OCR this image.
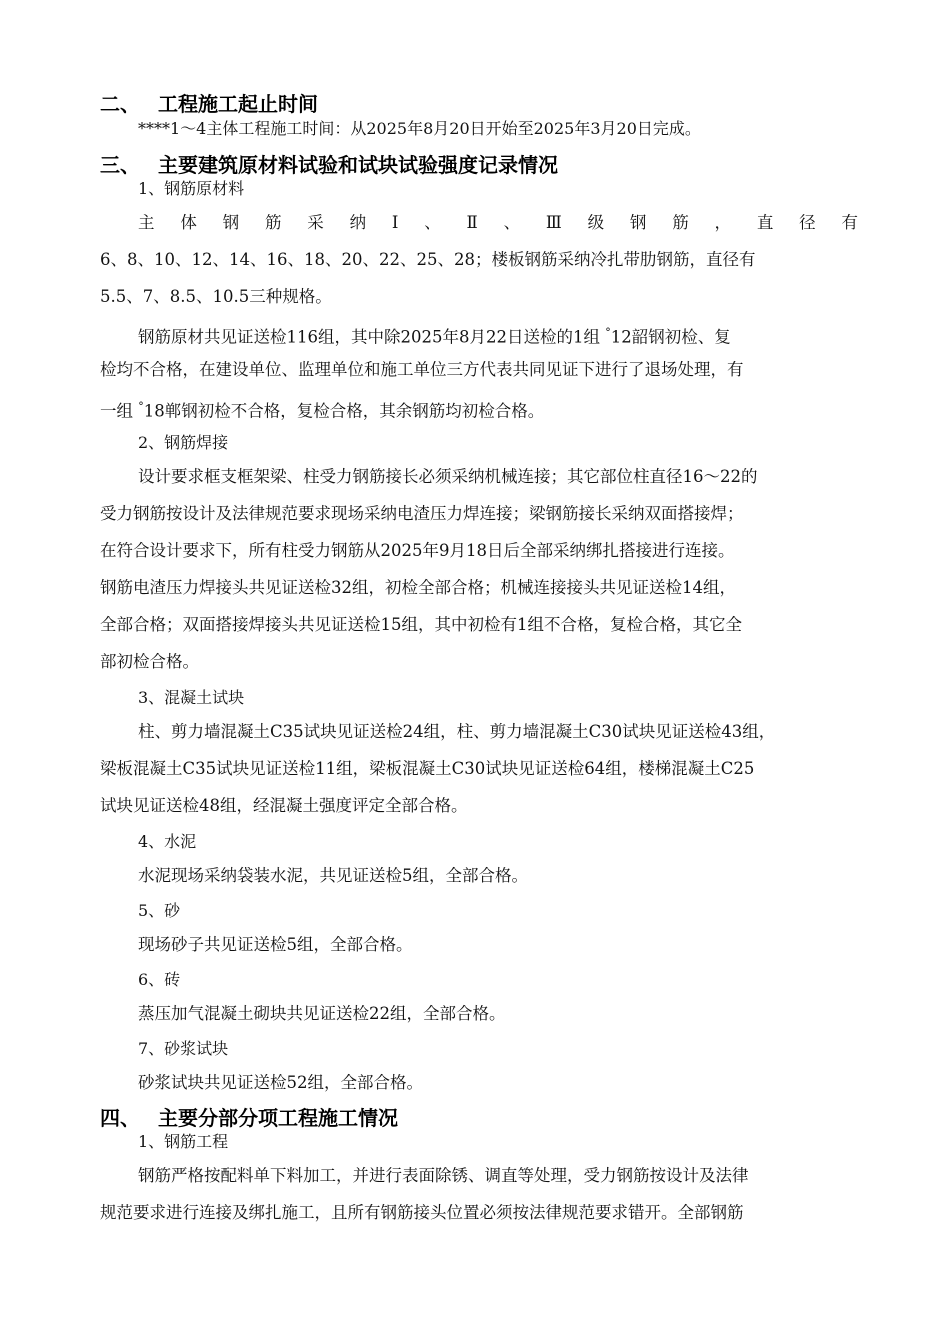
二、 工程施工起止时间
****1～4主体工程施工时间：从2025年8月20日开始至2025年3月20日完成。
三、 主要建筑原材料试验和试块试验强度记录情况
1、钢筋原材料
主 体 钢 筋 采 纳 Ⅰ 、 Ⅱ 、 Ⅲ 级 钢 筋 ， 直 径 有
6、8、10、12、14、16、18、20、22、25、28；楼板钢筋采纳冷扎带肋钢筋，直径有
5.5、7、8.5、10.5三种规格。
钢筋原材共见证送检116组，其中除2025年8月22日送检的1组 °12韶钢初检、复
检均不合格，在建设单位、监理单位和施工单位三方代表共同见证下进行了退场处理，有
一组 °18郸钢初检不合格，复检合格，其余钢筋均初检合格。
2、钢筋焊接
设计要求框支框架梁、柱受力钢筋接长必须采纳机械连接；其它部位柱直径16～22的
受力钢筋按设计及法律规范要求现场采纳电渣压力焊连接；梁钢筋接长采纳双面搭接焊；
在符合设计要求下，所有柱受力钢筋从2025年9月18日后全部采纳绑扎搭接进行连接。
钢筋电渣压力焊接头共见证送检32组，初检全部合格；机械连接接头共见证送检14组，
全部合格；双面搭接焊接头共见证送检15组，其中初检有1组不合格，复检合格，其它全
部初检合格。
3、混凝土试块
柱、剪力墙混凝土C35试块见证送检24组，柱、剪力墙混凝土C30试块见证送检43组，
梁板混凝土C35试块见证送检11组，梁板混凝土C30试块见证送检64组，楼梯混凝土C25
试块见证送检48组，经混凝土强度评定全部合格。
4、水泥
水泥现场采纳袋装水泥，共见证送检5组，全部合格。
5、砂
现场砂子共见证送检5组，全部合格。
6、砖
蒸压加气混凝土砌块共见证送检22组，全部合格。
7、砂浆试块
砂浆试块共见证送检52组，全部合格。
四、 主要分部分项工程施工情况
1、钢筋工程
钢筋严格按配料单下料加工，并进行表面除锈、调直等处理，受力钢筋按设计及法律
规范要求进行连接及绑扎施工，且所有钢筋接头位置必须按法律规范要求错开。全部钢筋
